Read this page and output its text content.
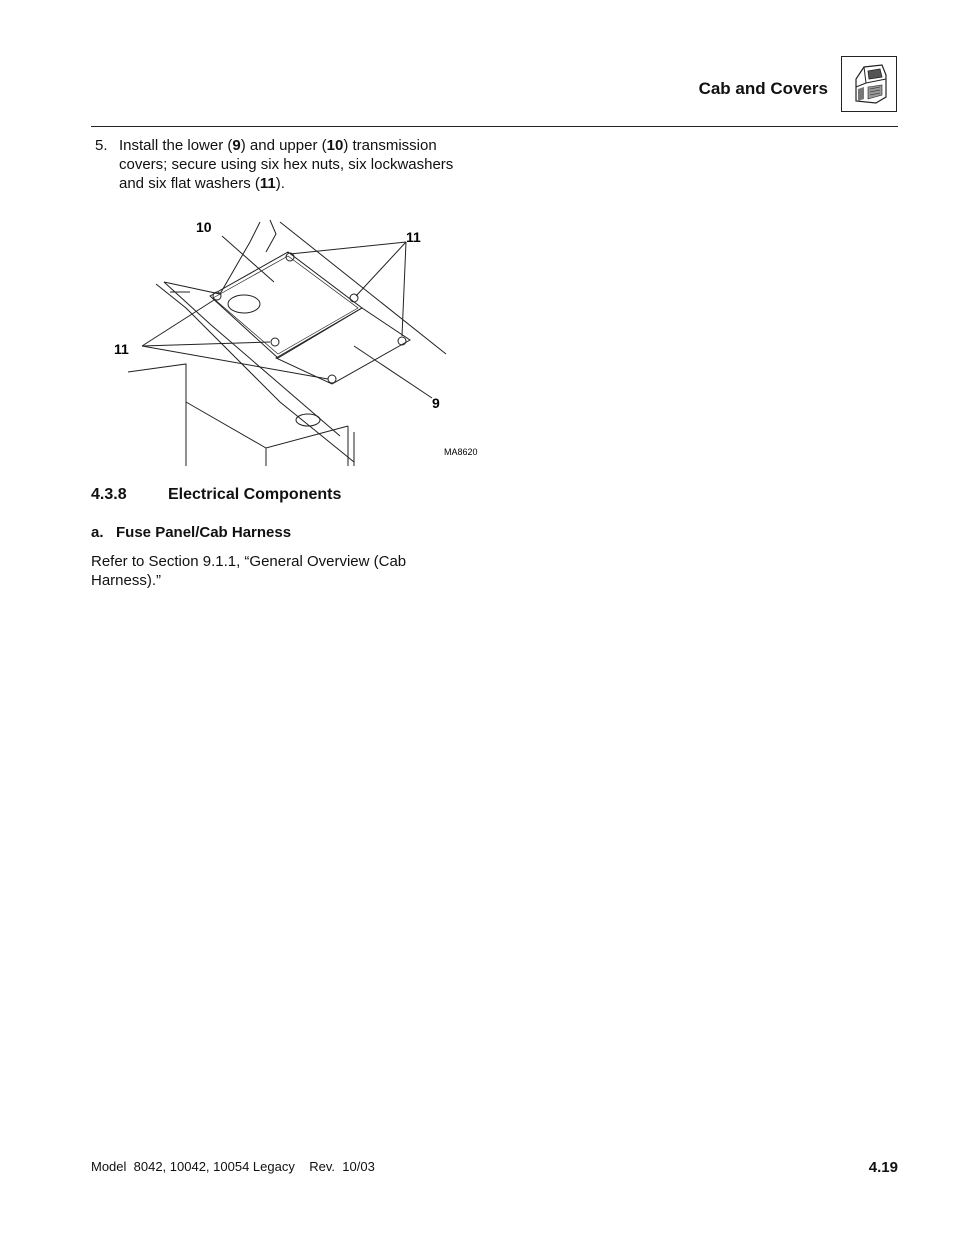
Cab and Covers
5. Install the lower (9) and upper (10) transmission covers; secure using six hex nuts, six lockwashers and six flat washers (11).
10
11
11
9
MA8620
4.3.8	Electrical Components
a.   Fuse Panel/Cab Harness
Refer to Section 9.1.1, “General Overview (Cab Harness).”
Model  8042, 10042, 10054 Legacy    Rev.  10/03	4.19
